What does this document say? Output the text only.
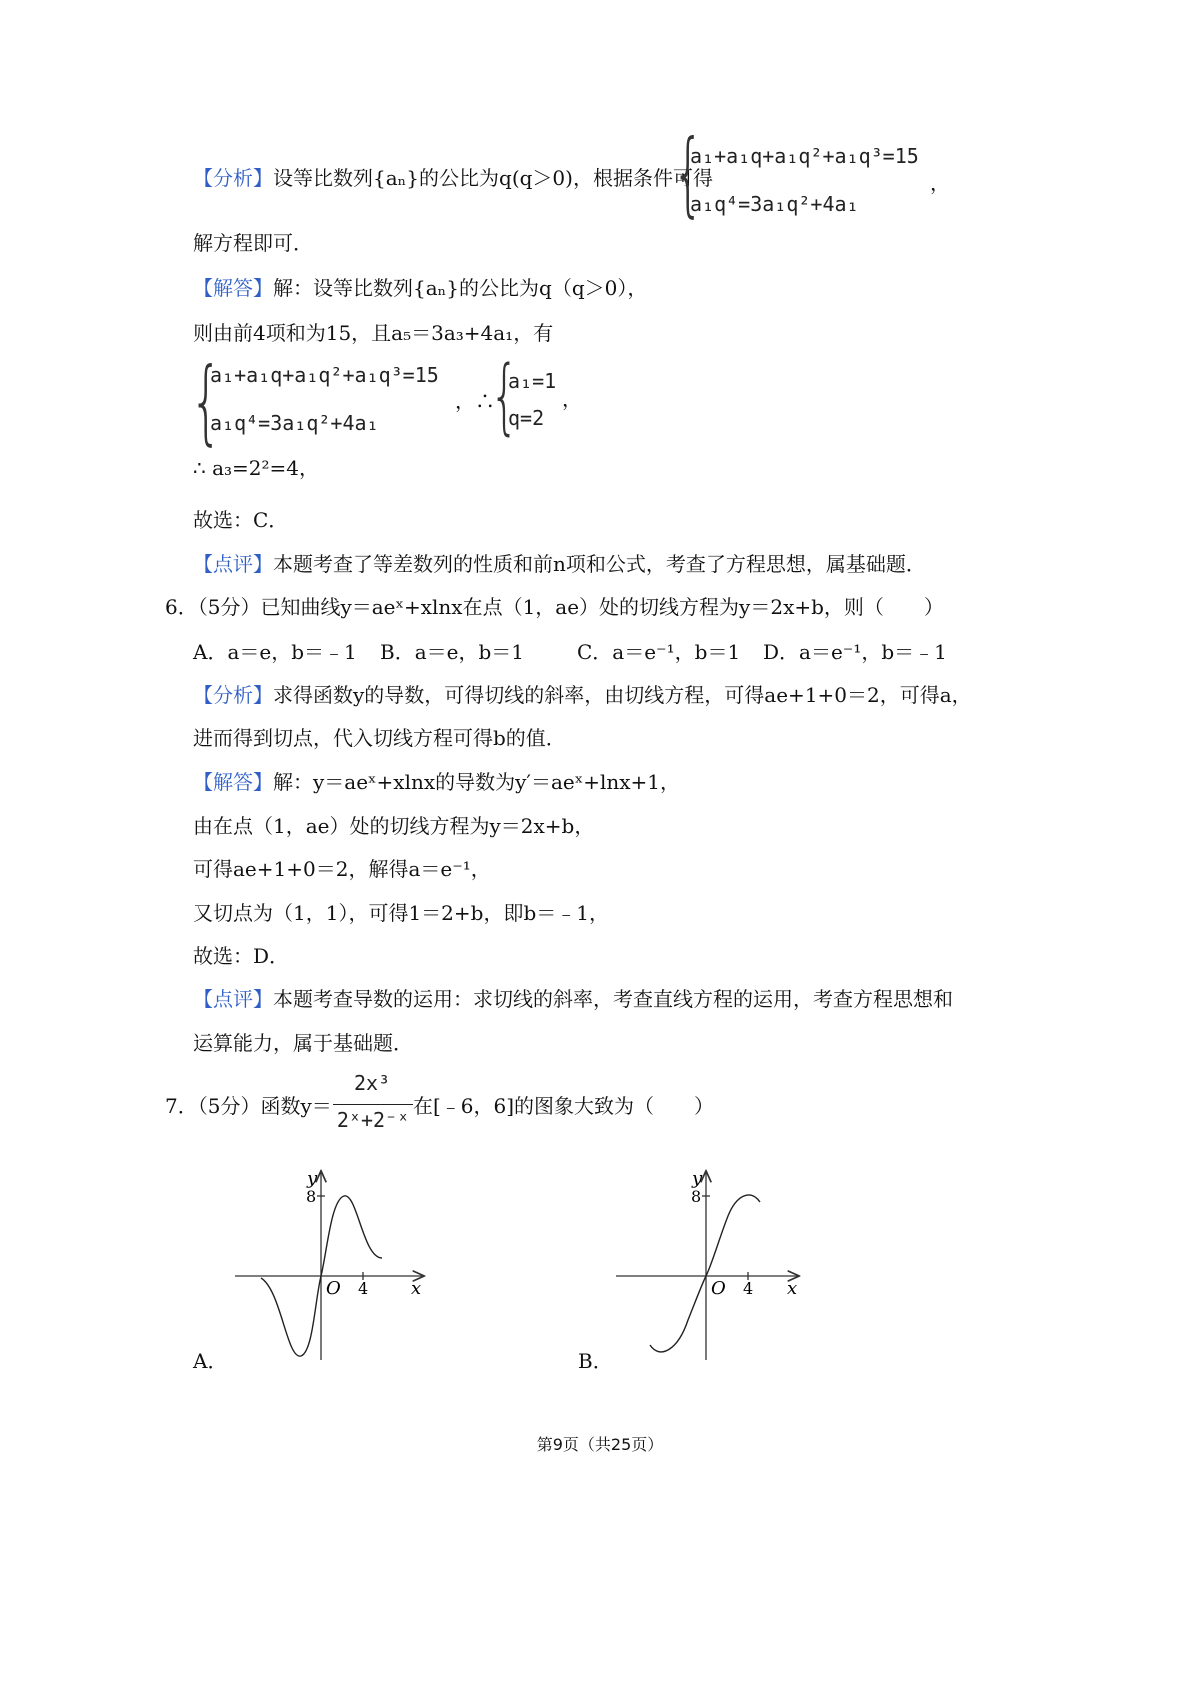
【分析】设等比数列{aₙ}的公比为q(q＞0)，根据条件可得
{
a₁+a₁q+a₁q²+a₁q³=15
a₁q⁴=3a₁q²+4a₁
，
解方程即可．
【解答】解：设等比数列{aₙ}的公比为q（q＞0），
则由前4项和为15，且a₅＝3a₃+4a₁，有
{
a₁+a₁q+a₁q²+a₁q³=15
a₁q⁴=3a₁q²+4a₁
，∴
{
a₁=1
q=2
，
∴ a₃=2²=4，
故选：C．
【点评】本题考查了等差数列的性质和前n项和公式，考查了方程思想，属基础题．
6．（5分）已知曲线y＝aeˣ+xlnx在点（1，ae）处的切线方程为y＝2x+b，则（　　）
A．a＝e，b＝﹣1 B．a＝e，b＝1	C．a＝e⁻¹，b＝1 D．a＝e⁻¹，b＝﹣1
【分析】求得函数y的导数，可得切线的斜率，由切线方程，可得ae+1+0＝2，可得a，
进而得到切点，代入切线方程可得b的值．
【解答】解：y＝aeˣ+xlnx的导数为y′＝aeˣ+lnx+1，
由在点（1，ae）处的切线方程为y＝2x+b，
可得ae+1+0＝2，解得a＝e⁻¹，
又切点为（1，1），可得1＝2+b，即b＝﹣1，
故选：D．
【点评】本题考查导数的运用：求切线的斜率，考查直线方程的运用，考查方程思想和
运算能力，属于基础题．
7．（5分）函数y＝
2x³
2ˣ+2⁻ˣ
在[﹣6，6]的图象大致为（　　）
y
8
O 4 x
A．
y
8
O 4 x
B．
第9页（共25页）
